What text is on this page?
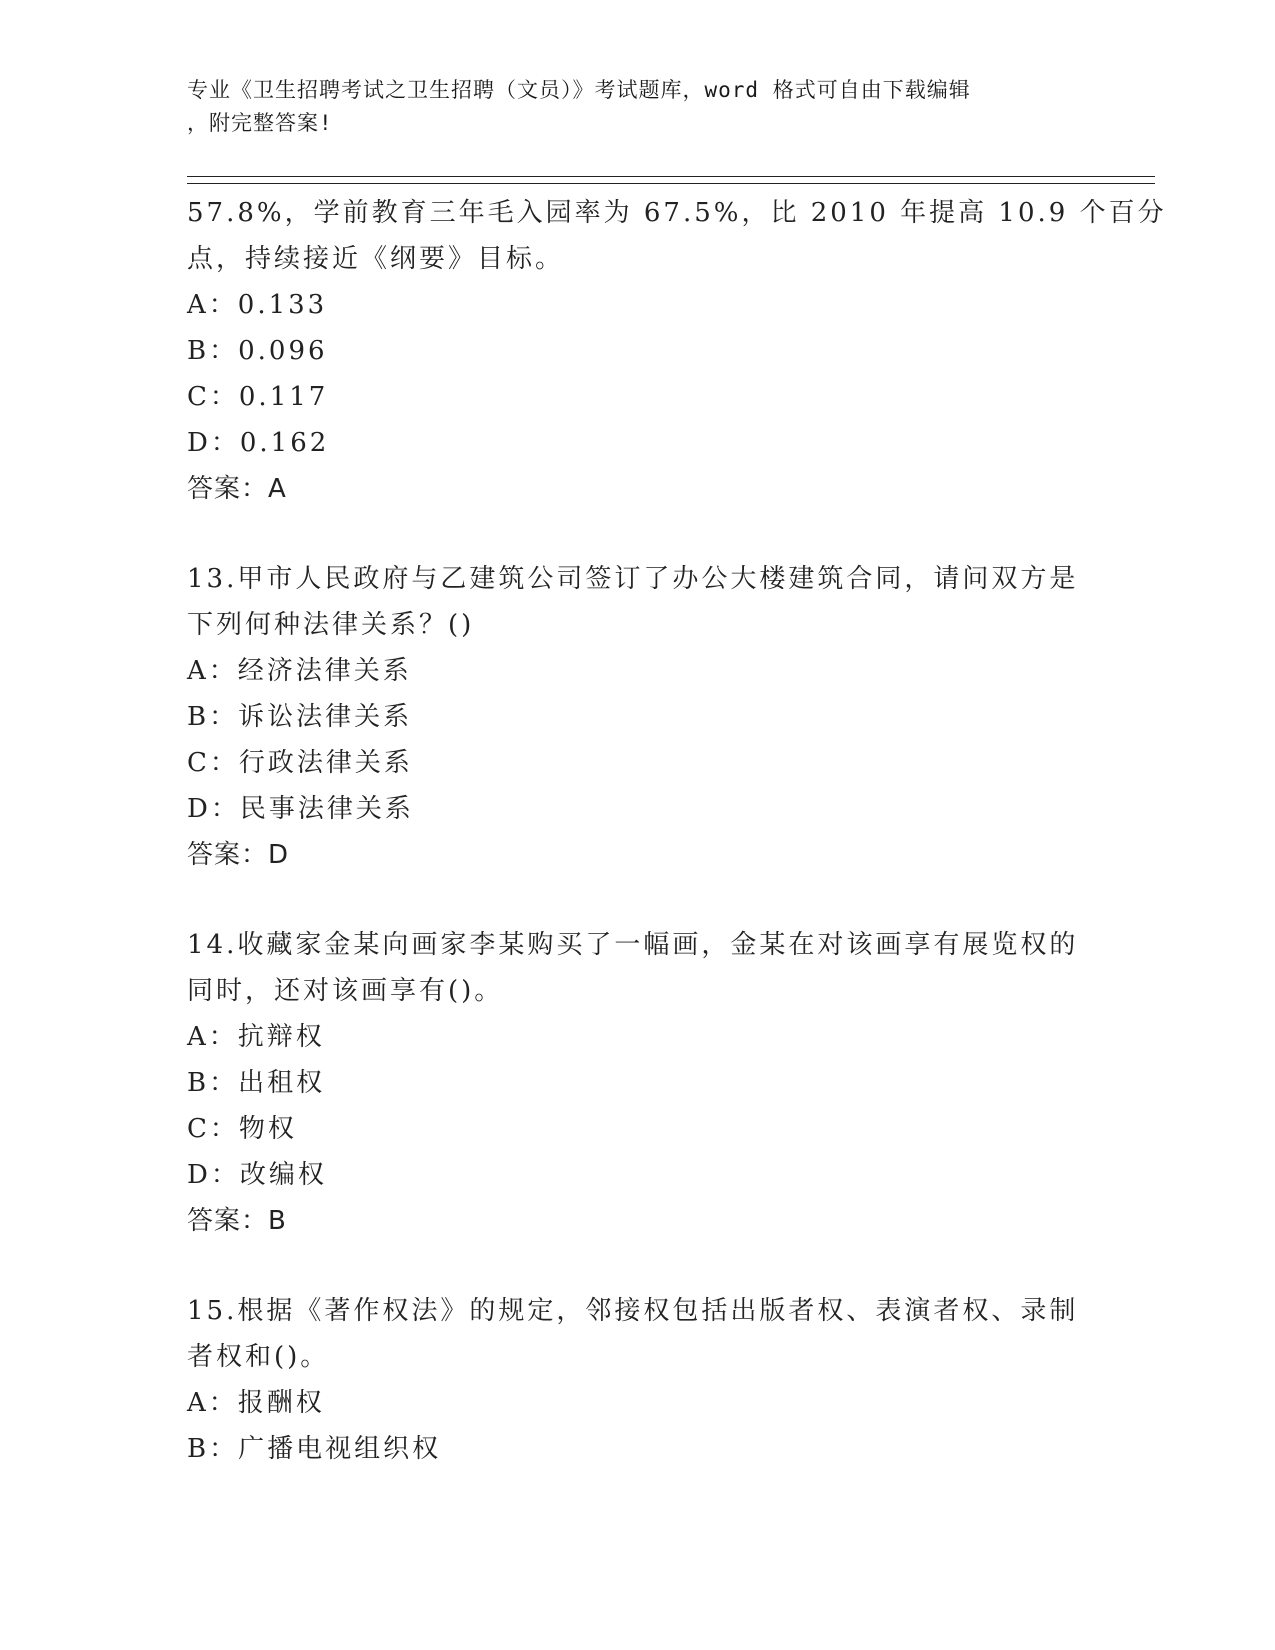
专业《卫生招聘考试之卫生招聘（文员）》考试题库，word 格式可自由下载编辑
，附完整答案!
57.8%，学前教育三年毛入园率为 67.5%，比 2010 年提高 10.9 个百分
点，持续接近《纲要》目标。
A：0.133
B：0.096
C：0.117
D：0.162
答案：A
13.甲市人民政府与乙建筑公司签订了办公大楼建筑合同，请问双方是
下列何种法律关系？()
A：经济法律关系
B：诉讼法律关系
C：行政法律关系
D：民事法律关系
答案：D
14.收藏家金某向画家李某购买了一幅画，金某在对该画享有展览权的
同时，还对该画享有()。
A：抗辩权
B：出租权
C：物权
D：改编权
答案：B
15.根据《著作权法》的规定，邻接权包括出版者权、表演者权、录制
者权和()。
A：报酬权
B：广播电视组织权
